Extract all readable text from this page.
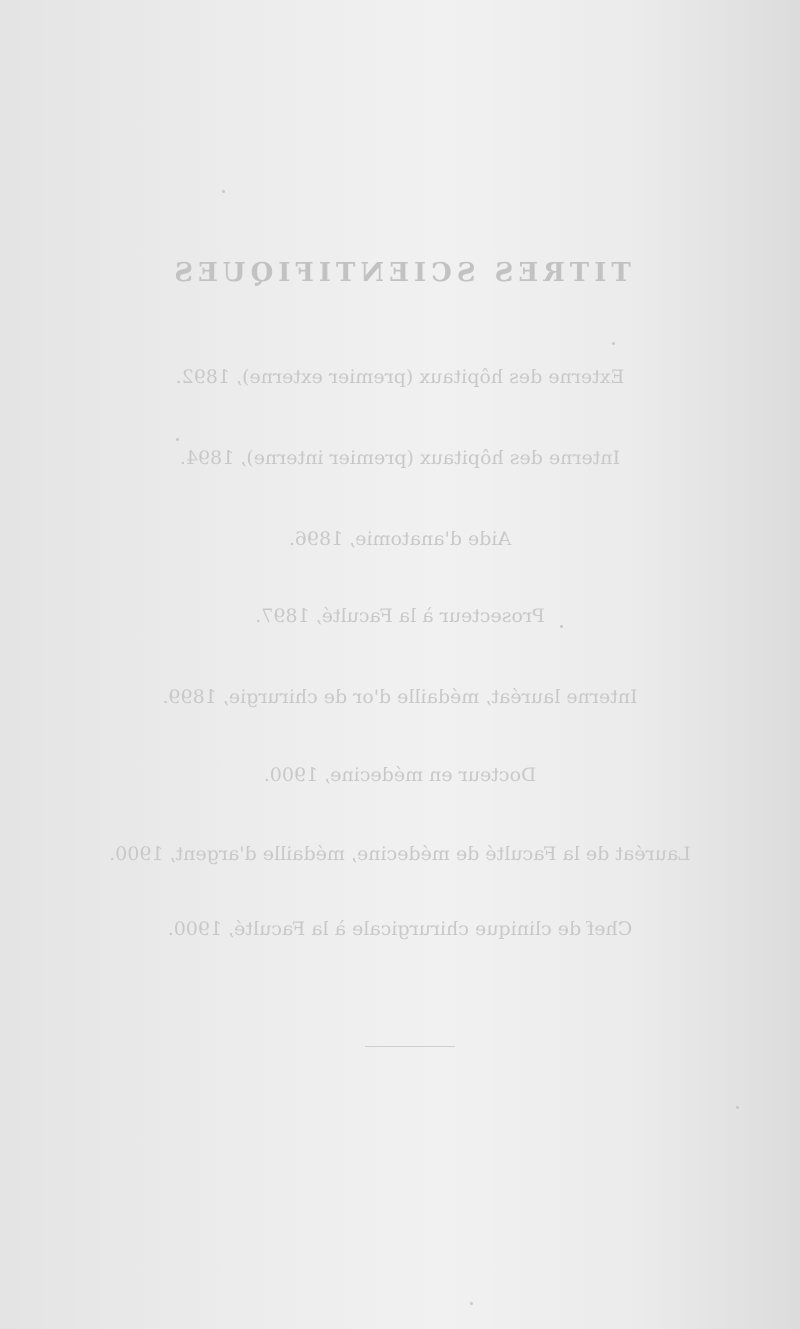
TITRES SCIENTIFIQUES
Externe des hôpitaux (premier externe), 1892.
Interne des hôpitaux (premier interne), 1894.
Aide d'anatomie, 1896.
Prosecteur à la Faculté, 1897.
Interne lauréat, médaille d'or de chirurgie, 1899.
Docteur en médecine, 1900.
Lauréat de la Faculté de médecine, médaille d'argent, 1900.
Chef de clinique chirurgicale à la Faculté, 1900.
